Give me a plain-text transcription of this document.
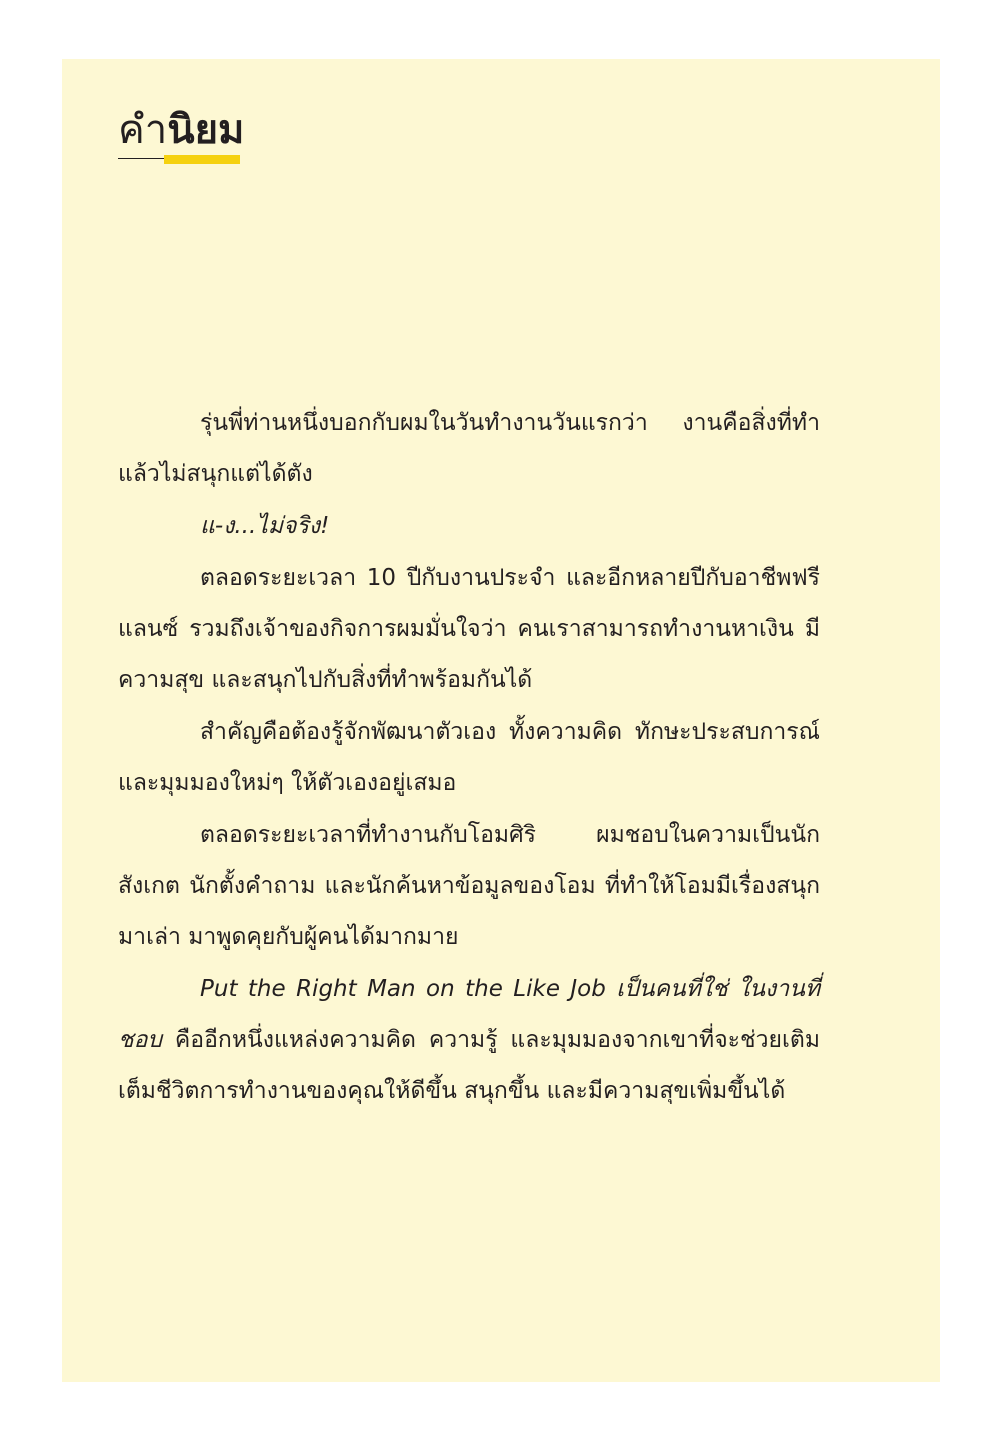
คำนิยม

รุ่นพี่ท่านหนึ่งบอกกับผมในวันทำงานวันแรกว่า งานคือสิ่งที่ทำแล้วไม่สนุกแต่ได้ตัง

แ-ง...ไม่จริง!

ตลอดระยะเวลา 10 ปีกับงานประจำ และอีกหลายปีกับอาชีพฟรีแลนซ์ รวมถึงเจ้าของกิจการผมมั่นใจว่า คนเราสามารถทำงานหาเงิน มีความสุข และสนุกไปกับสิ่งที่ทำพร้อมกันได้

สำคัญคือต้องรู้จักพัฒนาตัวเอง ทั้งความคิด ทักษะประสบการณ์ และมุมมองใหม่ๆ ให้ตัวเองอยู่เสมอ

ตลอดระยะเวลาที่ทำงานกับโอมศิริ ผมชอบในความเป็นนักสังเกต นักตั้งคำถาม และนักค้นหาข้อมูลของโอม ที่ทำให้โอมมีเรื่องสนุกมาเล่า มาพูดคุยกับผู้คนได้มากมาย

Put the Right Man on the Like Job เป็นคนที่ใช่ ในงานที่ชอบ คืออีกหนึ่งแหล่งความคิด ความรู้ และมุมมองจากเขาที่จะช่วยเติมเต็มชีวิตการทำงานของคุณให้ดีขึ้น สนุกขึ้น และมีความสุขเพิ่มขึ้นได้
